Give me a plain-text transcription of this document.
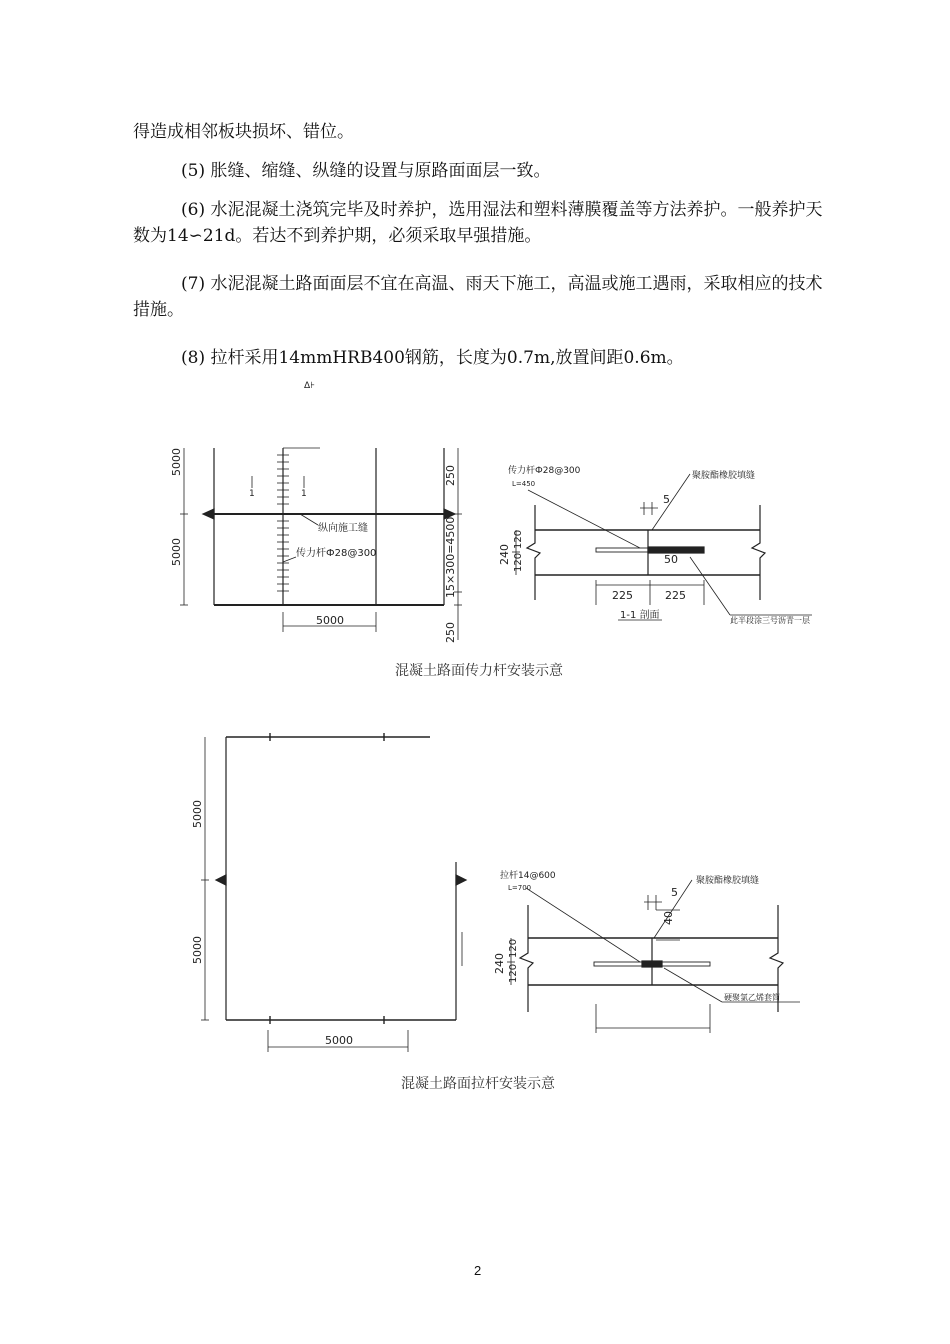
得造成相邻板块损坏、错位。

(5) 胀缝、缩缝、纵缝的设置与原路面面层一致。

(6) 水泥混凝土浇筑完毕及时养护，选用湿法和塑料薄膜覆盖等方法养护。一般养护天数为14∽21d。若达不到养护期，必须采取早强措施。

(7) 水泥混凝土路面面层不宜在高温、雨天下施工，高温或施工遇雨，采取相应的技术措施。

(8) 拉杆采用14mmHRB400钢筋，长度为0.7m,放置间距0.6m。

Δ⊦
5000
5000
5000
250
250
15×300=4500
纵向施工缝
传力杆Ф28@300
1	1
传力杆Ф28@300
L=450
聚胺酯橡胶填缝
此半段涂三号沥青一层
5
50
240
120
120
225	225
1-1 剖面
5000
5000
5000
拉杆14@600
L=700
聚胺酯橡胶填缝
硬聚氯乙烯套筒
5
40
240
120
120
混凝土路面传力杆安装示意
混凝土路面拉杆安装示意
2
